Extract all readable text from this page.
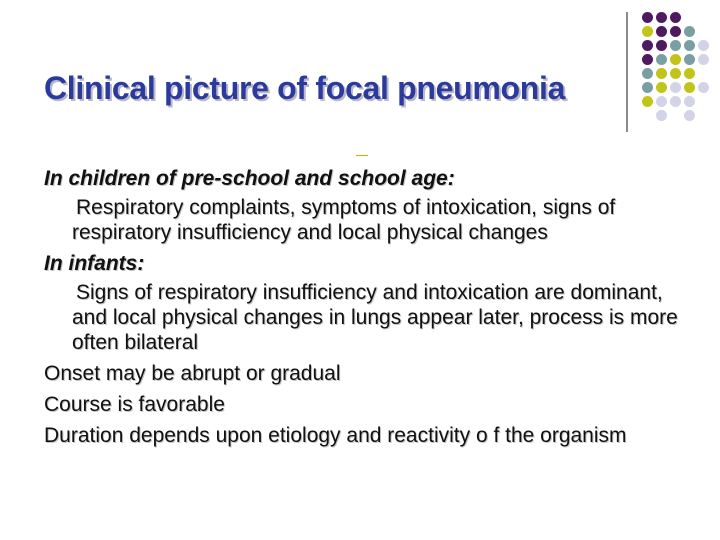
Clinical picture of focal pneumonia

In children of pre-school and school age:

Respiratory complaints, symptoms of intoxication, signs of respiratory insufficiency and local physical changes

In infants:

Signs of respiratory insufficiency and intoxication are dominant, and local physical changes in lungs appear later, process is more often bilateral

Onset may be abrupt or gradual

Course is favorable

Duration depends upon etiology and reactivity o f the organism
